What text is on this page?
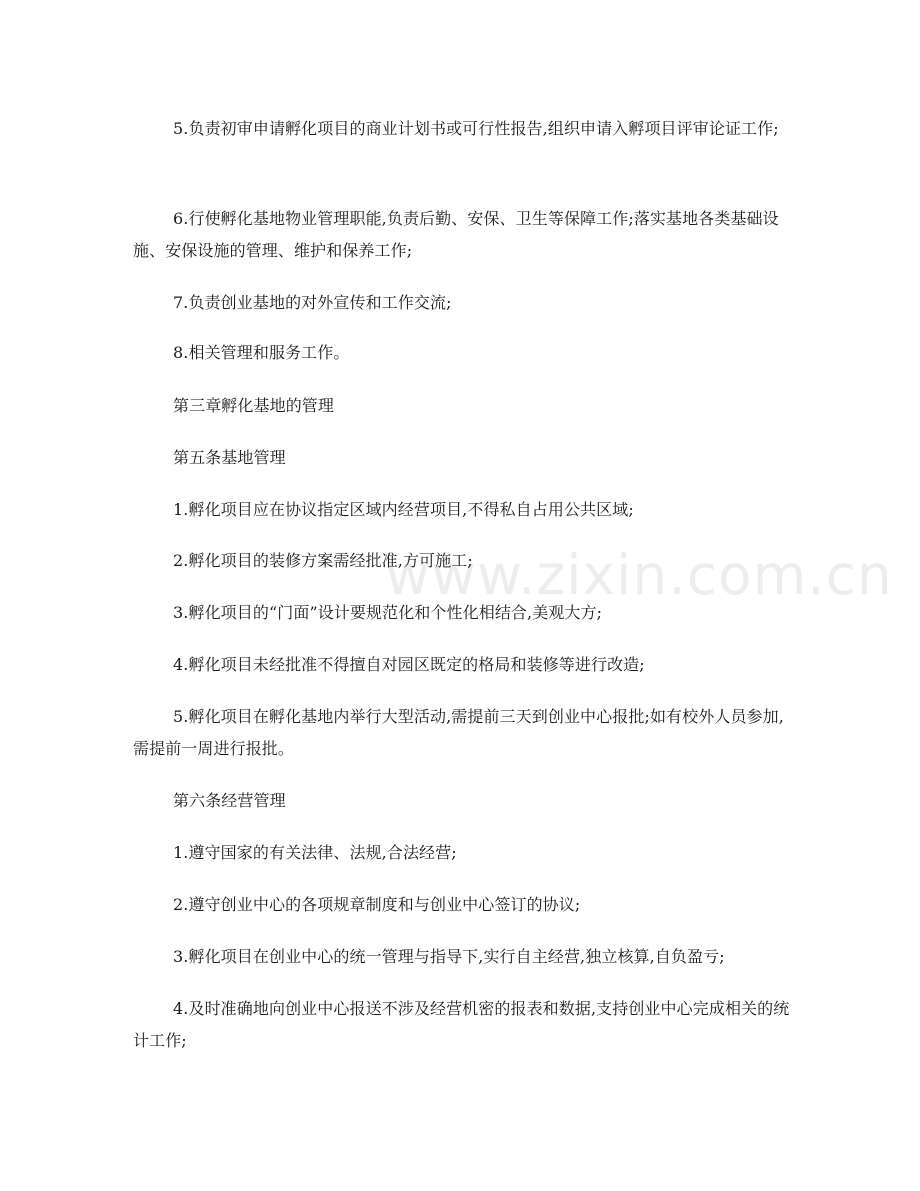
www.zixin.com.cn

5.负责初审申请孵化项目的商业计划书或可行性报告,组织申请入孵项目评审论证工作;

6.行使孵化基地物业管理职能,负责后勤、安保、卫生等保障工作;落实基地各类基础设施、安保设施的管理、维护和保养工作;

7.负责创业基地的对外宣传和工作交流;

8.相关管理和服务工作。

第三章孵化基地的管理

第五条基地管理

1.孵化项目应在协议指定区域内经营项目,不得私自占用公共区域;

2.孵化项目的装修方案需经批准,方可施工;

3.孵化项目的“门面”设计要规范化和个性化相结合,美观大方;

4.孵化项目未经批准不得擅自对园区既定的格局和装修等进行改造;

5.孵化项目在孵化基地内举行大型活动,需提前三天到创业中心报批;如有校外人员参加,需提前一周进行报批。

第六条经营管理

1.遵守国家的有关法律、法规,合法经营;

2.遵守创业中心的各项规章制度和与创业中心签订的协议;

3.孵化项目在创业中心的统一管理与指导下,实行自主经营,独立核算,自负盈亏;

4.及时准确地向创业中心报送不涉及经营机密的报表和数据,支持创业中心完成相关的统计工作;
